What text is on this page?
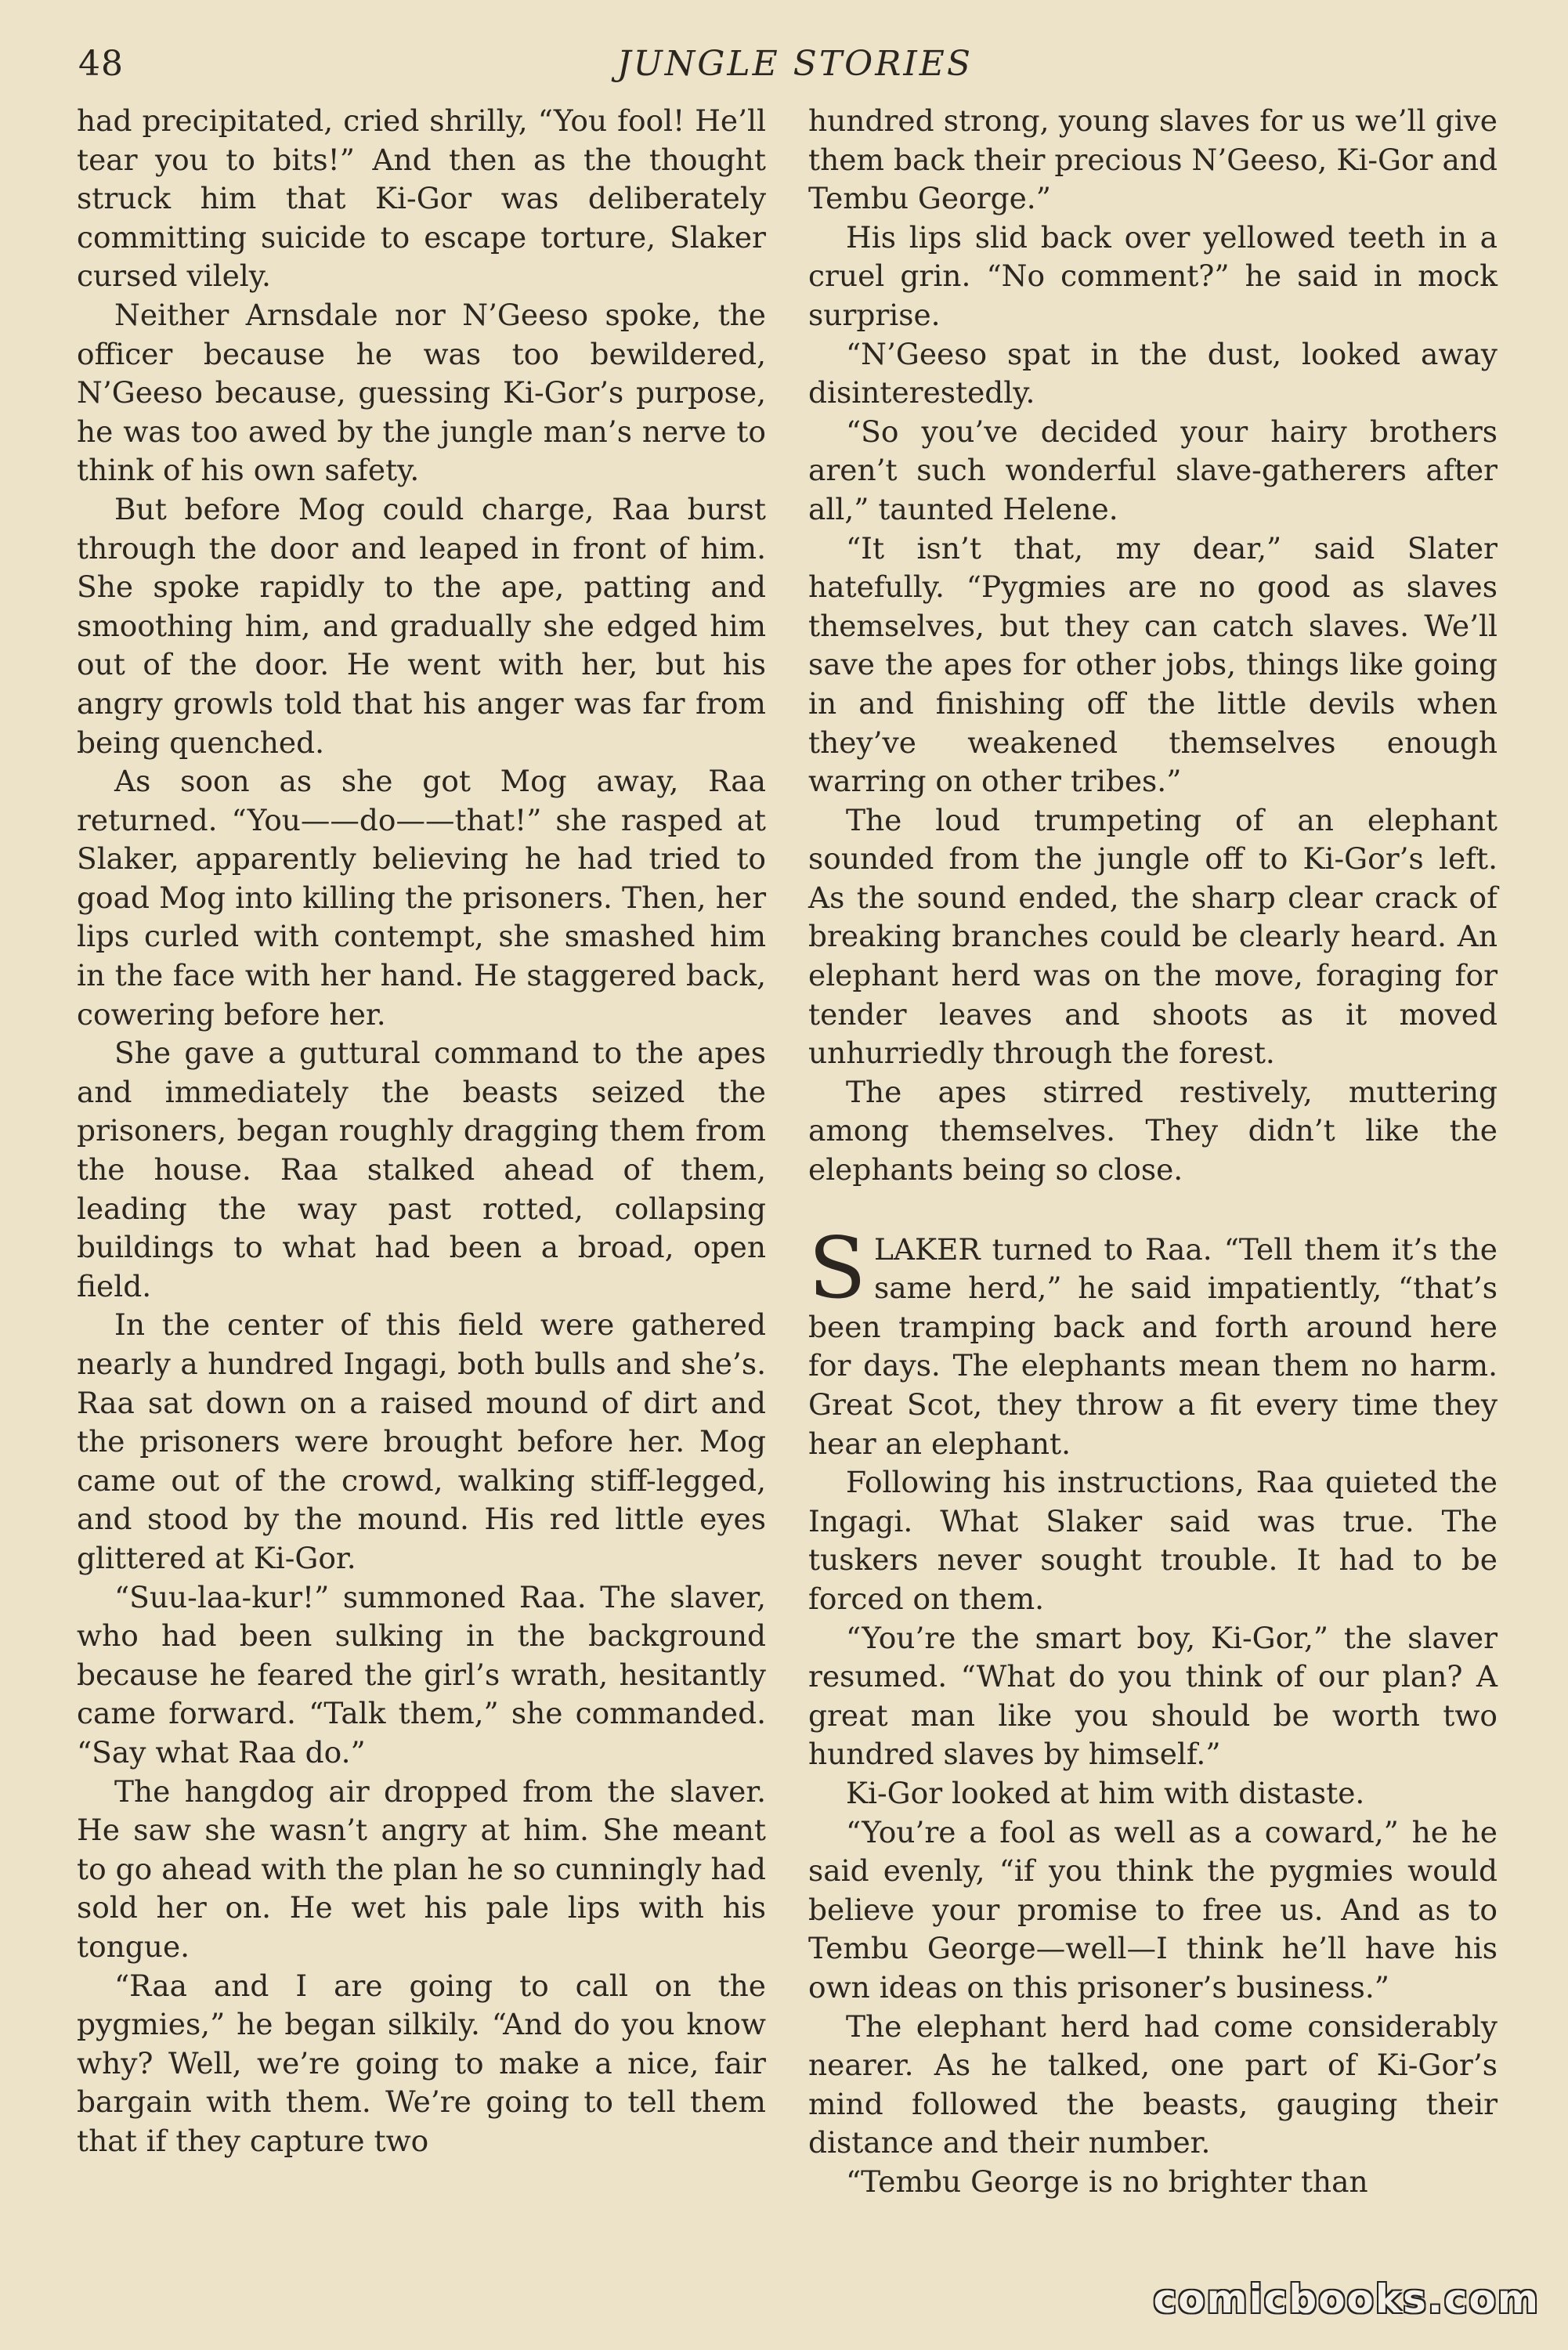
48	JUNGLE STORIES

had precipitated, cried shrilly, “You fool! He’ll tear you to bits!” And then as the thought struck him that Ki-Gor was deliberately committing suicide to escape torture, Slaker cursed vilely.

Neither Arnsdale nor N’Geeso spoke, the officer because he was too bewildered, N’Geeso because, guessing Ki-Gor’s purpose, he was too awed by the jungle man’s nerve to think of his own safety.

But before Mog could charge, Raa burst through the door and leaped in front of him. She spoke rapidly to the ape, patting and smoothing him, and gradually she edged him out of the door. He went with her, but his angry growls told that his anger was far from being quenched.

As soon as she got Mog away, Raa returned. “You——do——that!” she rasped at Slaker, apparently believing he had tried to goad Mog into killing the prisoners. Then, her lips curled with contempt, she smashed him in the face with her hand. He staggered back, cowering before her.

She gave a guttural command to the apes and immediately the beasts seized the prisoners, began roughly dragging them from the house. Raa stalked ahead of them, leading the way past rotted, collapsing buildings to what had been a broad, open field.

In the center of this field were gathered nearly a hundred Ingagi, both bulls and she’s. Raa sat down on a raised mound of dirt and the prisoners were brought before her. Mog came out of the crowd, walking stiff-legged, and stood by the mound. His red little eyes glittered at Ki-Gor.

“Suu-laa-kur!” summoned Raa. The slaver, who had been sulking in the background because he feared the girl’s wrath, hesitantly came forward. “Talk them,” she commanded. “Say what Raa do.”

The hangdog air dropped from the slaver. He saw she wasn’t angry at him. She meant to go ahead with the plan he so cunningly had sold her on. He wet his pale lips with his tongue.

“Raa and I are going to call on the pygmies,” he began silkily. “And do you know why? Well, we’re going to make a nice, fair bargain with them. We’re going to tell them that if they capture two

hundred strong, young slaves for us we’ll give them back their precious N’Geeso, Ki-Gor and Tembu George.”

His lips slid back over yellowed teeth in a cruel grin. “No comment?” he said in mock surprise.

“N’Geeso spat in the dust, looked away disinterestedly.

“So you’ve decided your hairy brothers aren’t such wonderful slave-gatherers after all,” taunted Helene.

“It isn’t that, my dear,” said Slater hatefully. “Pygmies are no good as slaves themselves, but they can catch slaves. We’ll save the apes for other jobs, things like going in and finishing off the little devils when they’ve weakened themselves enough warring on other tribes.”

The loud trumpeting of an elephant sounded from the jungle off to Ki-Gor’s left. As the sound ended, the sharp clear crack of breaking branches could be clearly heard. An elephant herd was on the move, foraging for tender leaves and shoots as it moved unhurriedly through the forest.

The apes stirred restively, muttering among themselves. They didn’t like the elephants being so close.

SLAKER turned to Raa. “Tell them it’s the same herd,” he said impatiently, “that’s been tramping back and forth around here for days. The elephants mean them no harm. Great Scot, they throw a fit every time they hear an elephant.

Following his instructions, Raa quieted the Ingagi. What Slaker said was true. The tuskers never sought trouble. It had to be forced on them.

“You’re the smart boy, Ki-Gor,” the slaver resumed. “What do you think of our plan? A great man like you should be worth two hundred slaves by himself.”

Ki-Gor looked at him with distaste.

“You’re a fool as well as a coward,” he he said evenly, “if you think the pygmies would believe your promise to free us. And as to Tembu George—well—I think he’ll have his own ideas on this prisoner’s business.”

The elephant herd had come considerably nearer. As he talked, one part of Ki-Gor’s mind followed the beasts, gauging their distance and their number.

“Tembu George is no brighter than

comicbooks.com
